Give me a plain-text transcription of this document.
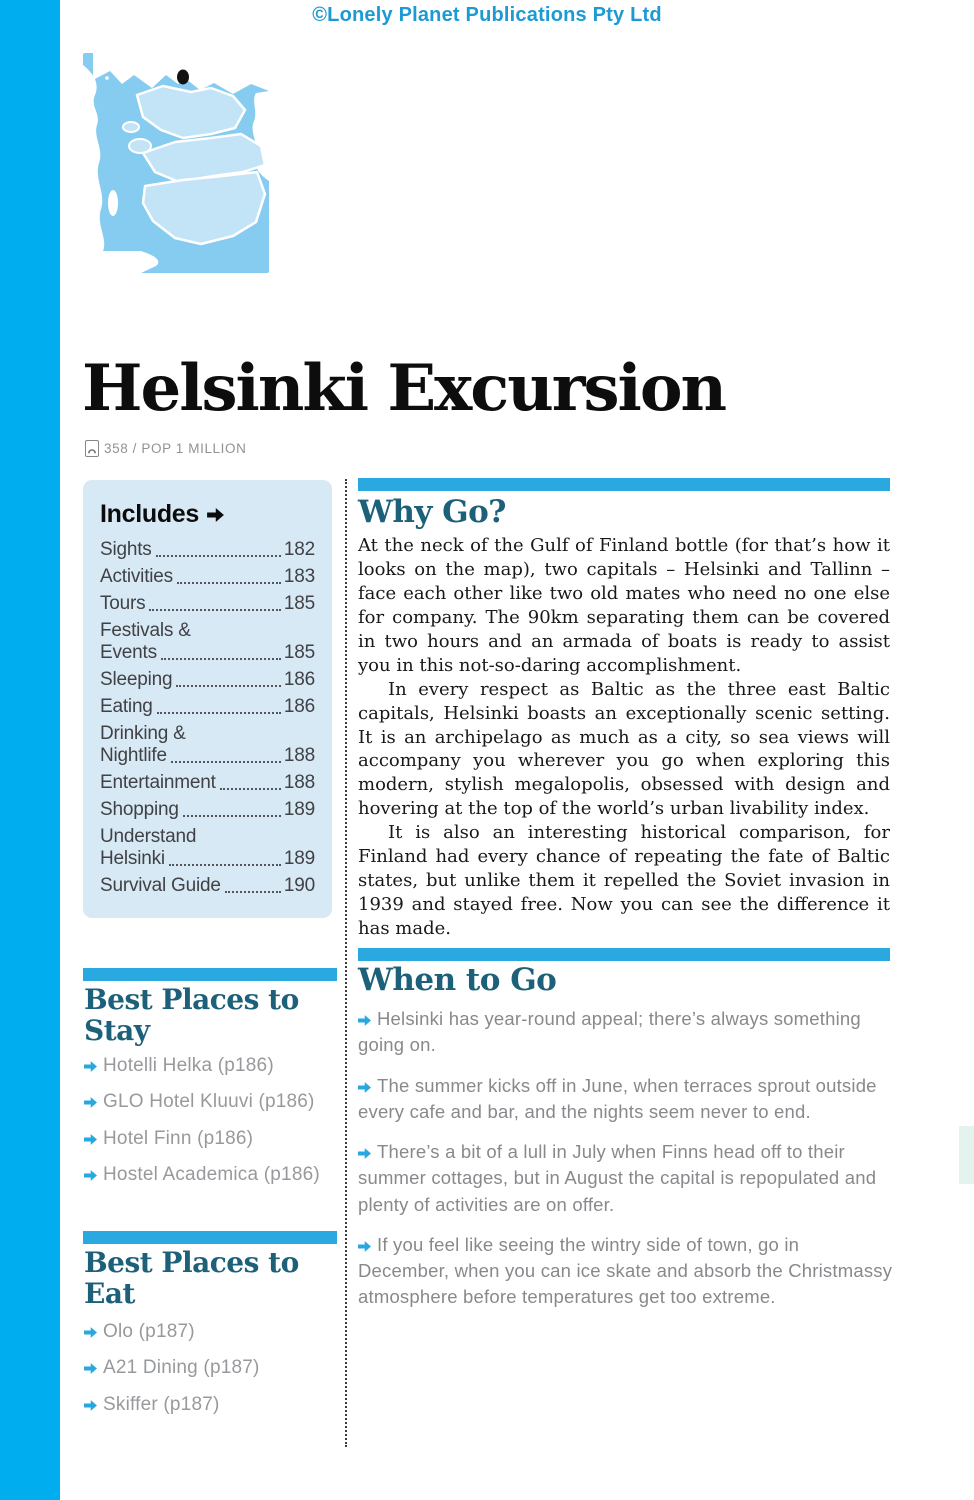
©Lonely Planet Publications Pty Ltd
Helsinki Excursion
358 / POP 1 MILLION
Includes
Sights	182
Activities	183
Tours	185
Festivals &
Events	185
Sleeping	186
Eating	186
Drinking &
Nightlife	188
Entertainment	188
Shopping	189
Understand
Helsinki	189
Survival Guide	190
Best Places to Stay
Hotelli Helka (p186)
GLO Hotel Kluuvi (p186)
Hotel Finn (p186)
Hostel Academica (p186)
Best Places to Eat
Olo (p187)
A21 Dining (p187)
Skiffer (p187)
Why Go?

At the neck of the Gulf of Finland bottle (for that’s how it looks on the map), two capitals – Helsinki and Tallinn – face each other like two old mates who need no one else for company. The 90km separating them can be covered in two hours and an armada of boats is ready to assist you in this not-so-daring accomplishment.

In every respect as Baltic as the three east Baltic capitals, Helsinki boasts an exceptionally scenic setting. It is an archipelago as much as a city, so sea views will accompany you wherever you go when exploring this modern, stylish megalopolis, obsessed with design and hovering at the top of the world’s urban livability index.

It is also an interesting historical comparison, for Finland had every chance of repeating the fate of Baltic states, but unlike them it repelled the Soviet invasion in 1939 and stayed free. Now you can see the difference it has made.

When to Go
Helsinki has year-round appeal; there’s always something going on.
The summer kicks off in June, when terraces sprout outside every cafe and bar, and the nights seem never to end.
There’s a bit of a lull in July when Finns head off to their summer cottages, but in August the capital is repopulated and plenty of activities are on offer.
If you feel like seeing the wintry side of town, go in December, when you can ice skate and absorb the Christmassy atmosphere before temperatures get too extreme.
